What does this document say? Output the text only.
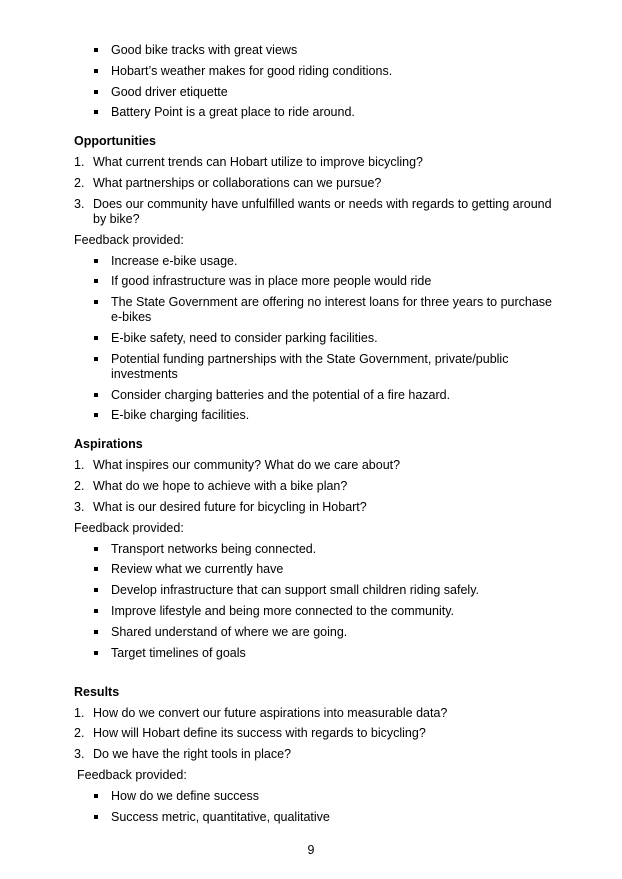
Good bike tracks with great views
Hobart’s weather makes for good riding conditions.
Good driver etiquette
Battery Point is a great place to ride around.

Opportunities

1. What current trends can Hobart utilize to improve bicycling?
2. What partnerships or collaborations can we pursue?
3. Does our community have unfulfilled wants or needs with regards to getting around by bike?

Feedback provided:

Increase e-bike usage.
If good infrastructure was in place more people would ride
The State Government are offering no interest loans for three years to purchase e-bikes
E-bike safety, need to consider parking facilities.
Potential funding partnerships with the State Government, private/public investments
Consider charging batteries and the potential of a fire hazard.
E-bike charging facilities.

Aspirations

1. What inspires our community? What do we care about?
2. What do we hope to achieve with a bike plan?
3. What is our desired future for bicycling in Hobart?

Feedback provided:

Transport networks being connected.
Review what we currently have
Develop infrastructure that can support small children riding safely.
Improve lifestyle and being more connected to the community.
Shared understand of where we are going.
Target timelines of goals

Results

1. How do we convert our future aspirations into measurable data?
2. How will Hobart define its success with regards to bicycling?
3. Do we have the right tools in place?

Feedback provided:

How do we define success
Success metric, quantitative, qualitative
9
